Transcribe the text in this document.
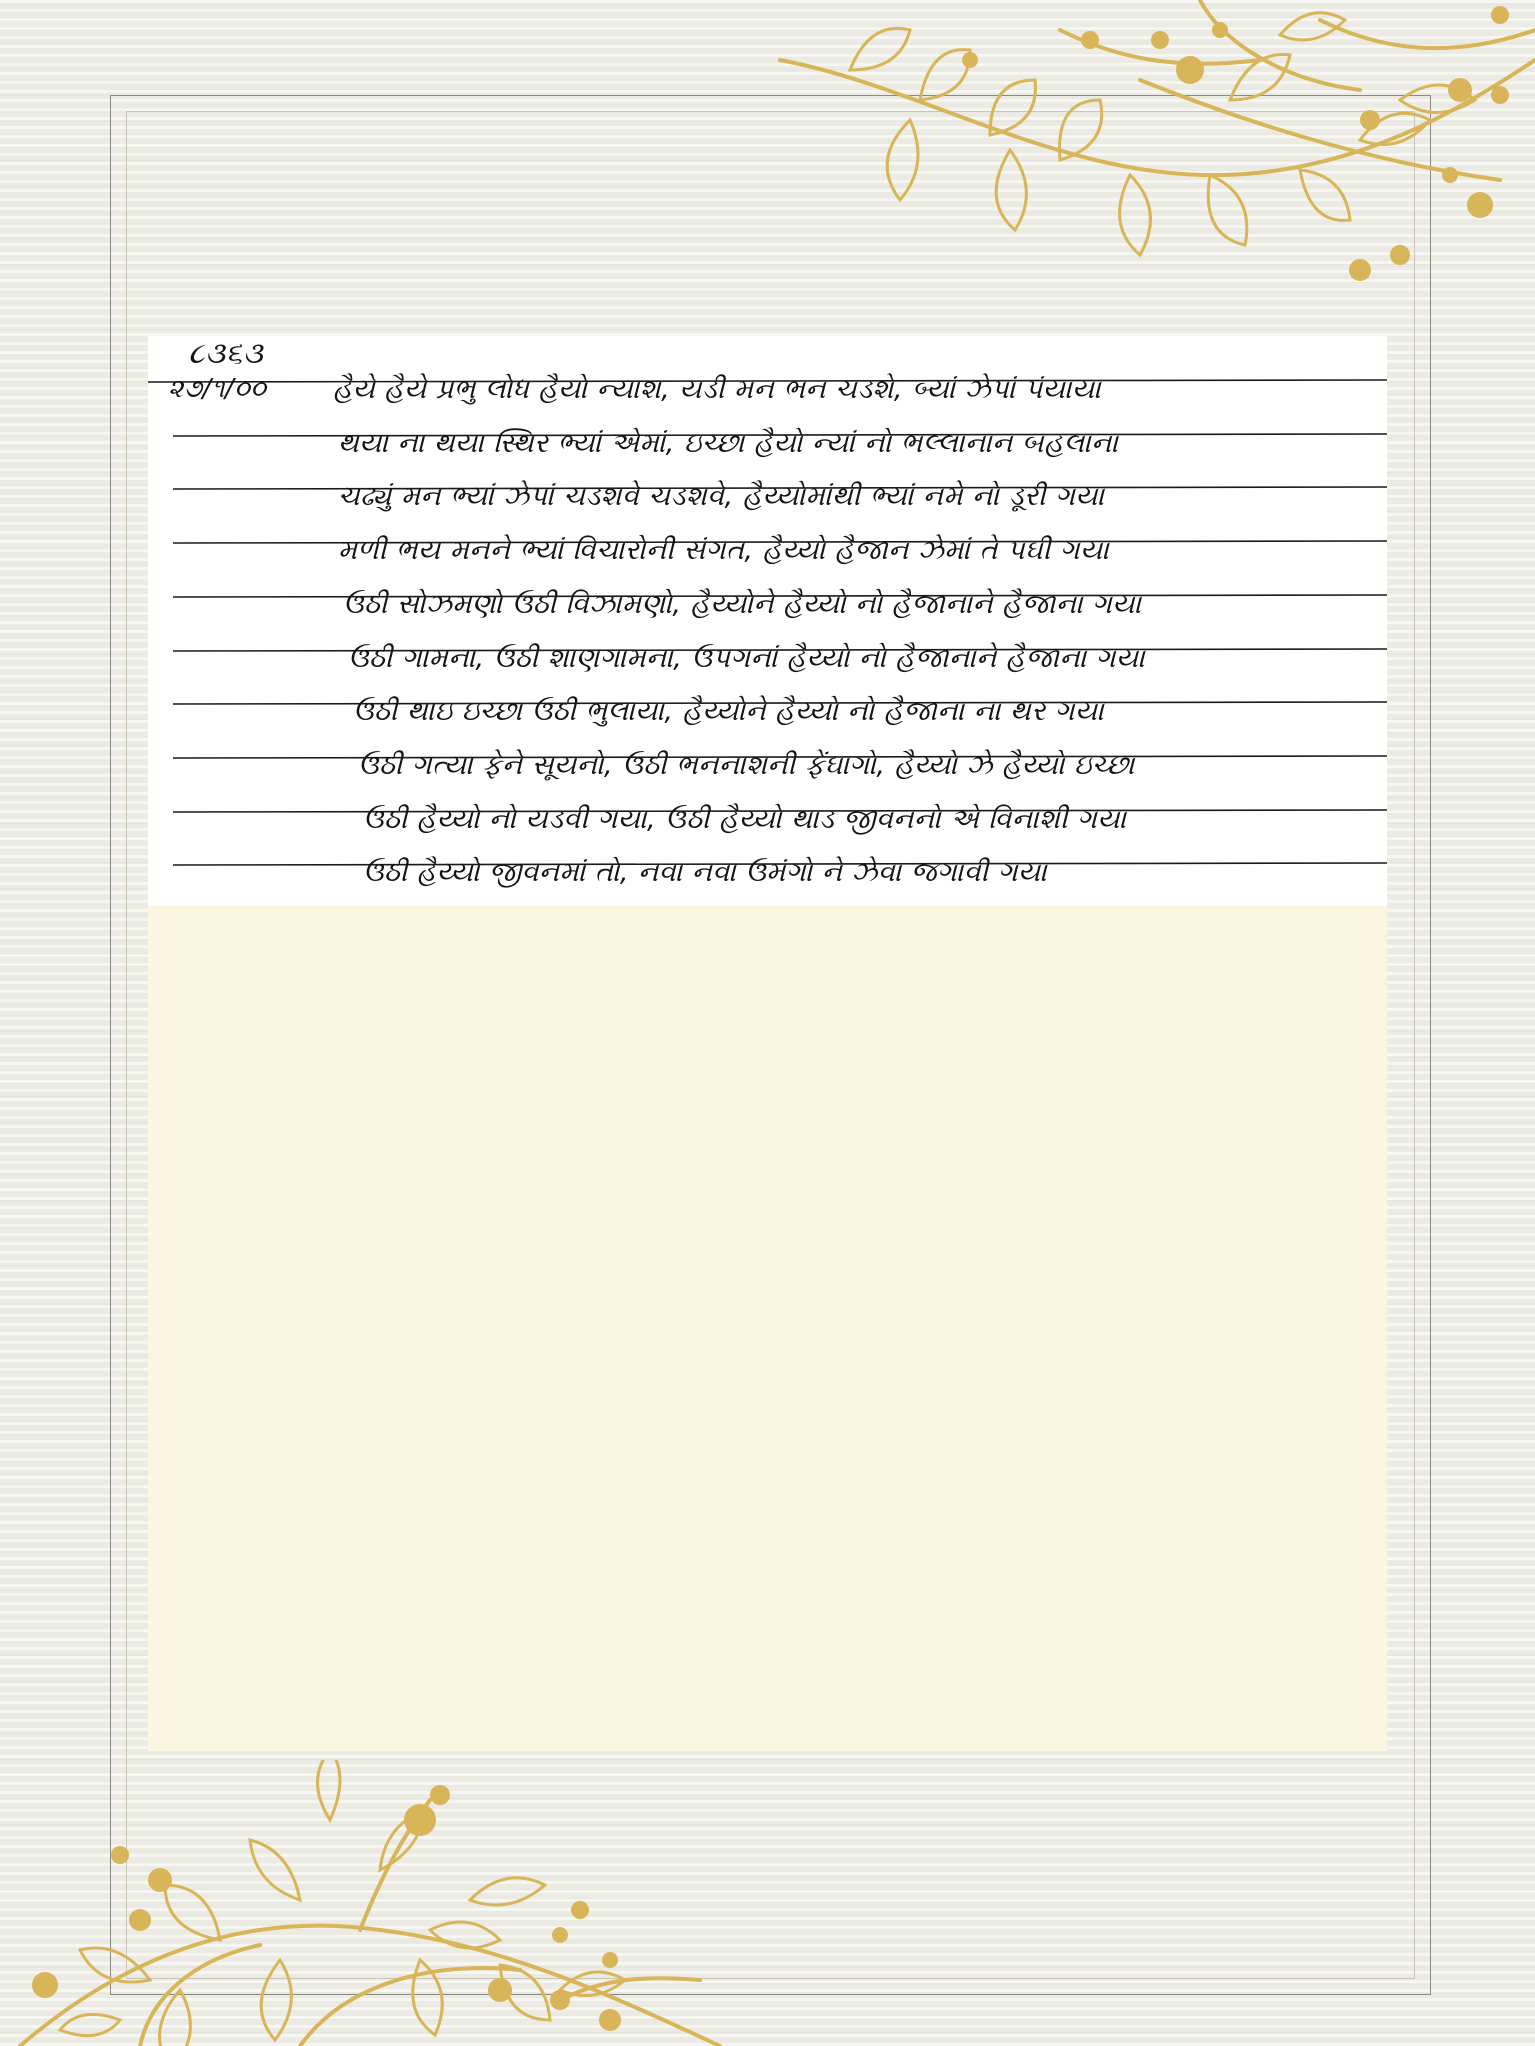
૮૩૬૩
૨૭/૧/૦૦ હૈયે હૈયે પ્રભુ લોધ હૈયો ન્યાશ, યડી મન ભન ચડશે, બ્યાં ઝેપાં પંયાયા
થયા ના થયા સ્થિર ભ્યાં એમાં, ઇચ્છા હૈયો ન્યાં નો ભલ્લાનાન બહલાના
ચઢ્યું મન ભ્યાં ઝેપાં ચડશવે ચડશવે, હૈય્યોમાંથી ભ્યાં નમે નો ડૂરી ગયા
મળી ભય મનને ભ્યાં વિચારોની સંગત, હૈય્યો હૈજાન ઝેમાં તે પઘી ગયા
ઉઠી સોઝમણો ઉઠી વિઝામણો, હૈય્યોને હૈય્યો નો હૈજાનાને હૈજાના ગયા
ઉઠી ગામના, ઉઠી શાણગામના, ઉપગનાં હૈય્યો નો હૈજાનાને હૈજાના ગયા
ઉઠી થાઇ ઇચ્છા ઉઠી ભુલાયા, હૈય્યોને હૈય્યો નો હૈજાના ના થર ગયા
ઉઠી ગત્યા ફેને સૂયનો, ઉઠી ભનનાશની ફેંઘાગો, હૈય્યો ઝે હૈય્યો ઇચ્છા
ઉઠી હૈય્યો નો યડવી ગયા, ઉઠી હૈય્યો થાડ જીવનનો એ વિનાશી ગયા
ઉઠી હૈય્યો જીવનમાં તો, નવા નવા ઉમંગો ને ઝેવા જગાવી ગયા
